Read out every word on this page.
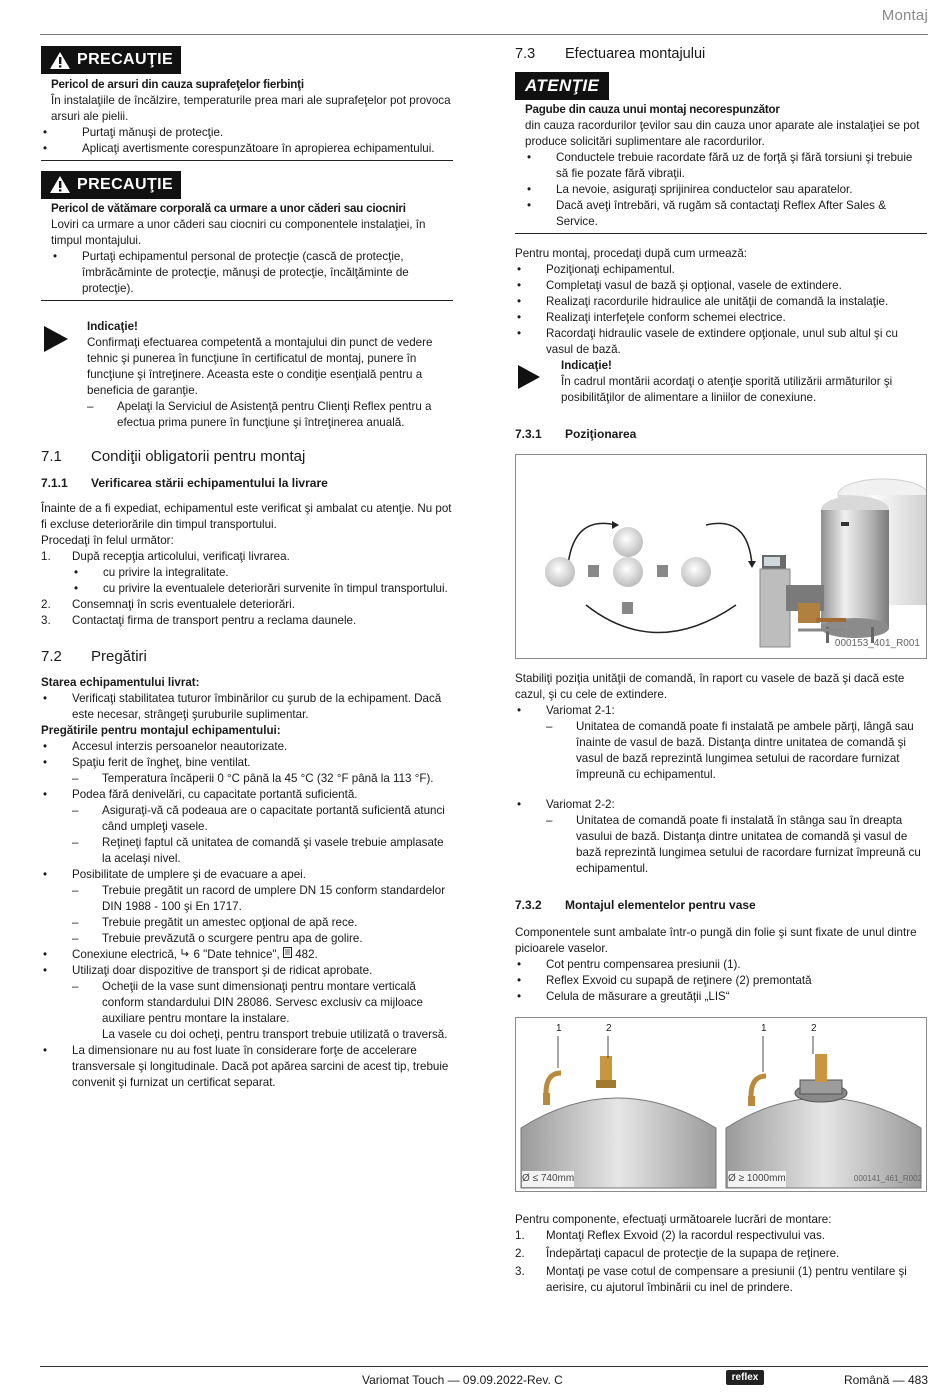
Montaj
PRECAUŢIE

Pericol de arsuri din cauza suprafeţelor fierbinţi

În instalaţiile de încălzire, temperaturile prea mari ale suprafeţelor pot provoca arsuri ale pielii.

• Purtaţi mănuşi de protecţie.
• Aplicaţi avertismente corespunzătoare în apropierea echipamentului.
PRECAUŢIE

Pericol de vătămare corporală ca urmare a unor căderi sau ciocniri

Loviri ca urmare a unor căderi sau ciocniri cu componentele instalaţiei, în timpul montajului.

• Purtaţi echipamentul personal de protecţie (cască de protecţie, îmbrăcăminte de protecţie, mănuşi de protecţie, încălţăminte de protecţie).

Indicaţie!

Confirmaţi efectuarea competentă a montajului din punct de vedere tehnic şi punerea în funcţiune în certificatul de montaj, punere în funcţiune şi întreţinere. Aceasta este o condiţie esenţială pentru a beneficia de garanţie.

– Apelaţi la Serviciul de Asistenţă pentru Clienţi Reflex pentru a efectua prima punere în funcţiune şi întreţinerea anuală.
7.1	Condiţii obligatorii pentru montaj
7.1.1	Verificarea stării echipamentului la livrare

Înainte de a fi expediat, echipamentul este verificat şi ambalat cu atenţie. Nu pot fi excluse deteriorările din timpul transportului.

Procedaţi în felul următor:

1. După recepţia articolului, verificaţi livrarea.
• cu privire la integralitate.
• cu privire la eventualele deteriorări survenite în timpul transportului.
2. Consemnaţi în scris eventualele deteriorări.
3. Contactaţi firma de transport pentru a reclama daunele.
7.2	Pregătiri

Starea echipamentului livrat:

• Verificaţi stabilitatea tuturor îmbinărilor cu şurub de la echipament. Dacă este necesar, strângeţi şuruburile suplimentar.

Pregătirile pentru montajul echipamentului:

• Accesul interzis persoanelor neautorizate.
• Spaţiu ferit de îngheţ, bine ventilat.
– Temperatura încăperii 0 °C până la 45 °C (32 °F până la 113 °F).
• Podea fără denivelări, cu capacitate portantă suficientă.
– Asiguraţi-vă că podeaua are o capacitate portantă suficientă atunci când umpleţi vasele.
– Reţineţi faptul că unitatea de comandă şi vasele trebuie amplasate la acelaşi nivel.
• Posibilitate de umplere şi de evacuare a apei.
– Trebuie pregătit un racord de umplere DN 15 conform standardelor DIN 1988 - 100 şi En 1717.
– Trebuie pregătit un amestec opţional de apă rece.
– Trebuie prevăzută o scurgere pentru apa de golire.
• Conexiune electrică, 6 "Date tehnice", 482.
• Utilizaţi doar dispozitive de transport şi de ridicat aprobate.
– Ocheţii de la vase sunt dimensionaţi pentru montare verticală conform standardului DIN 28086. Servesc exclusiv ca mijloace auxiliare pentru montare la instalare.
La vasele cu doi ocheţi, pentru transport trebuie utilizată o traversă.
• La dimensionare nu au fost luate în considerare forţe de accelerare transversale şi longitudinale. Dacă pot apărea sarcini de acest tip, trebuie convenit şi furnizat un certificat separat.
7.3	Efectuarea montajului
ATENŢIE

Pagube din cauza unui montaj necorespunzător

din cauza racordurilor ţevilor sau din cauza unor aparate ale instalaţiei se pot produce solicitări suplimentare ale racordurilor.

• Conductele trebuie racordate fără uz de forţă şi fără torsiuni şi trebuie să fie pozate fără vibraţii.
• La nevoie, asiguraţi sprijinirea conductelor sau aparatelor.
• Dacă aveţi întrebări, vă rugăm să contactaţi Reflex After Sales & Service.

Pentru montaj, procedaţi după cum urmează:

• Poziţionaţi echipamentul.
• Completaţi vasul de bază şi opţional, vasele de extindere.
• Realizaţi racordurile hidraulice ale unităţii de comandă la instalaţie.
• Realizaţi interfeţele conform schemei electrice.
• Racordaţi hidraulic vasele de extindere opţionale, unul sub altul şi cu vasul de bază.

Indicaţie!

În cadrul montării acordaţi o atenţie sporită utilizării armăturilor şi posibilităţilor de alimentare a liniilor de conexiune.

7.3.1	Poziţionarea
000153_401_R001

Stabiliţi poziţia unităţii de comandă, în raport cu vasele de bază şi dacă este cazul, şi cu cele de extindere.

• Variomat 2-1:
– Unitatea de comandă poate fi instalată pe ambele părţi, lângă sau înainte de vasul de bază. Distanţa dintre unitatea de comandă şi vasul de bază reprezintă lungimea setului de racordare furnizat împreună cu echipamentul.
• Variomat 2-2:
– Unitatea de comandă poate fi instalată în stânga sau în dreapta vasului de bază. Distanţa dintre unitatea de comandă şi vasul de bază reprezintă lungimea setului de racordare furnizat împreună cu echipamentul.
7.3.2	Montajul elementelor pentru vase

Componentele sunt ambalate într-o pungă din folie şi sunt fixate de unul dintre picioarele vaselor.

• Cot pentru compensarea presiunii (1).
• Reflex Exvoid cu supapă de reţinere (2) premontată
• Celula de măsurare a greutăţii „LIS“
1	2	1	2
Ø ≤ 740mm	Ø ≥ 1000mm	000141_461_R002

Pentru componente, efectuaţi următoarele lucrări de montare:

1. Montaţi Reflex Exvoid (2) la racordul respectivului vas.
2. Îndepărtaţi capacul de protecţie de la supapa de reţinere.
3. Montaţi pe vase cotul de compensare a presiunii (1) pentru ventilare şi aerisire, cu ajutorul îmbinării cu inel de prindere.
Variomat Touch — 09.09.2022-Rev. C	reflex	Română — 483
